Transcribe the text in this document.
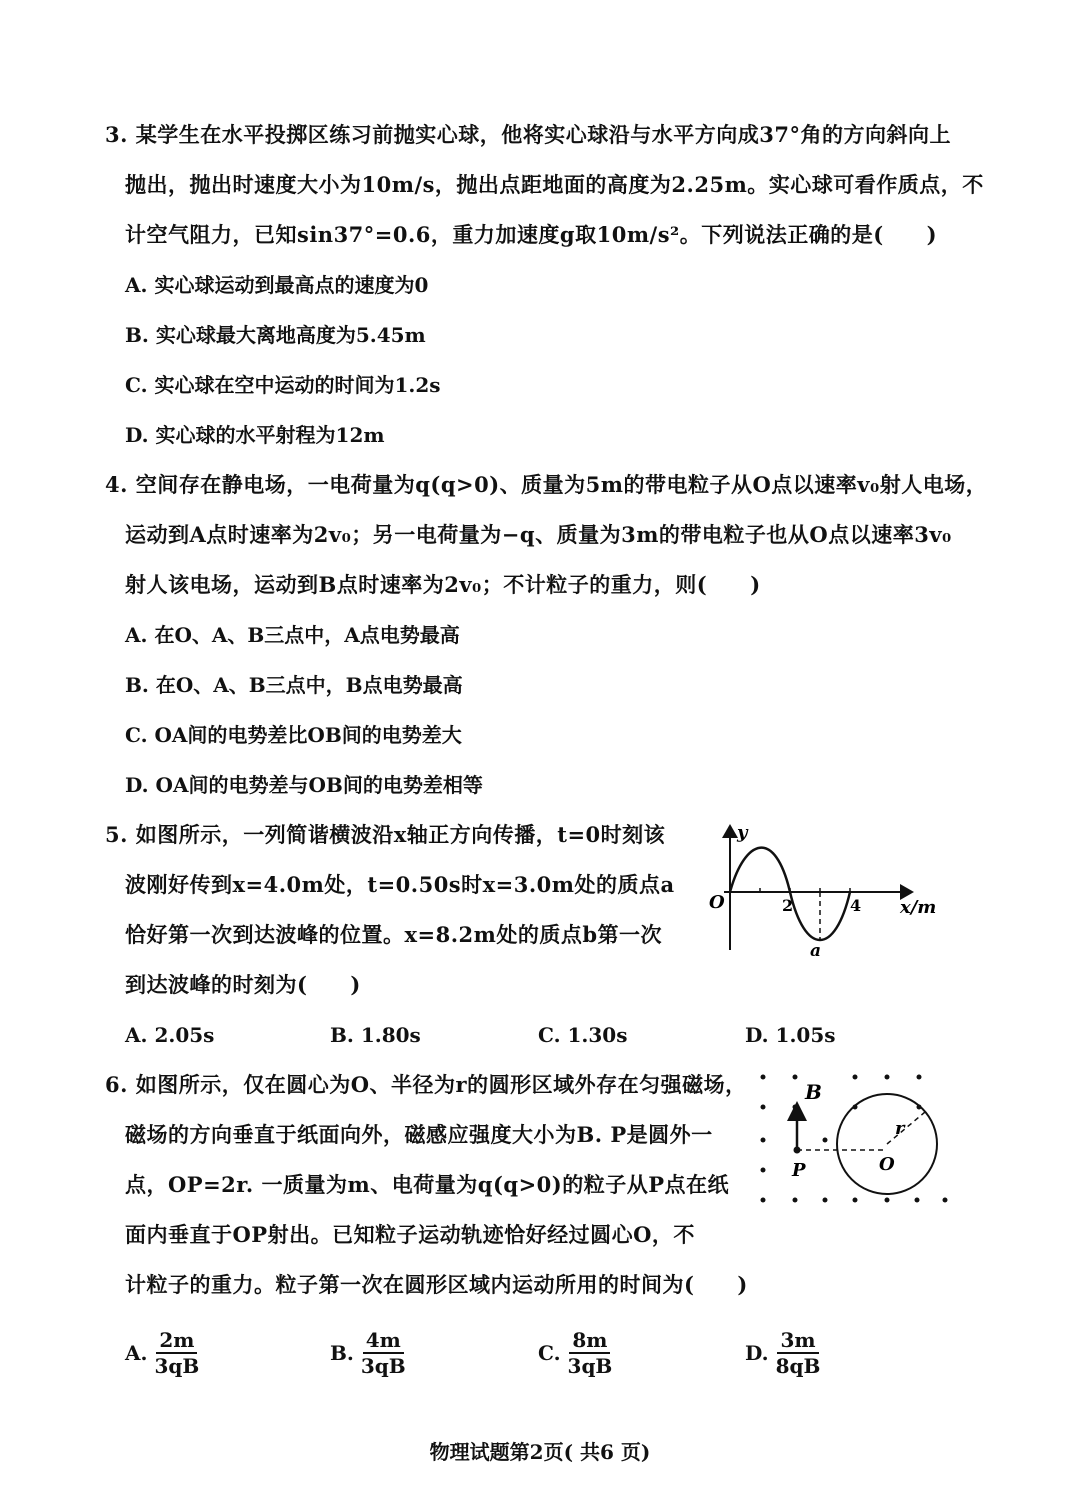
3. 某学生在水平投掷区练习前抛实心球，他将实心球沿与水平方向成37°角的方向斜向上
抛出，抛出时速度大小为10m/s，抛出点距地面的高度为2.25m。实心球可看作质点，不
计空气阻力，已知sin37°=0.6，重力加速度g取10m/s²。下列说法正确的是(　　)
A. 实心球运动到最高点的速度为0
B. 实心球最大离地高度为5.45m
C. 实心球在空中运动的时间为1.2s
D. 实心球的水平射程为12m
4. 空间存在静电场，一电荷量为q(q>0)、质量为5m的带电粒子从O点以速率v₀射人电场，
运动到A点时速率为2v₀；另一电荷量为−q、质量为3m的带电粒子也从O点以速率3v₀
射人该电场，运动到B点时速率为2v₀；不计粒子的重力，则(　　)
A. 在O、A、B三点中，A点电势最高
B. 在O、A、B三点中，B点电势最高
C. OA间的电势差比OB间的电势差大
D. OA间的电势差与OB间的电势差相等
5. 如图所示，一列简谐横波沿x轴正方向传播，t=0时刻该
波刚好传到x=4.0m处，t=0.50s时x=3.0m处的质点a
恰好第一次到达波峰的位置。x=8.2m处的质点b第一次
到达波峰的时刻为(　　)
A. 2.05s	B. 1.80s	C. 1.30s	D. 1.05s
y
x/m
O	2	4
a
6. 如图所示，仅在圆心为O、半径为r的圆形区域外存在匀强磁场，
磁场的方向垂直于纸面向外，磁感应强度大小为B. P是圆外一
点，OP=2r. 一质量为m、电荷量为q(q>0)的粒子从P点在纸
面内垂直于OP射出。已知粒子运动轨迹恰好经过圆心O，不
计粒子的重力。粒子第一次在圆形区域内运动所用的时间为(　　)
B
r
P	O
A. $\frac{2m}{3qB}$	B. $\frac{4m}{3qB}$	C. $\frac{8m}{3qB}$	D. $\frac{3m}{8qB}$
物理试题第2页( 共6 页)
